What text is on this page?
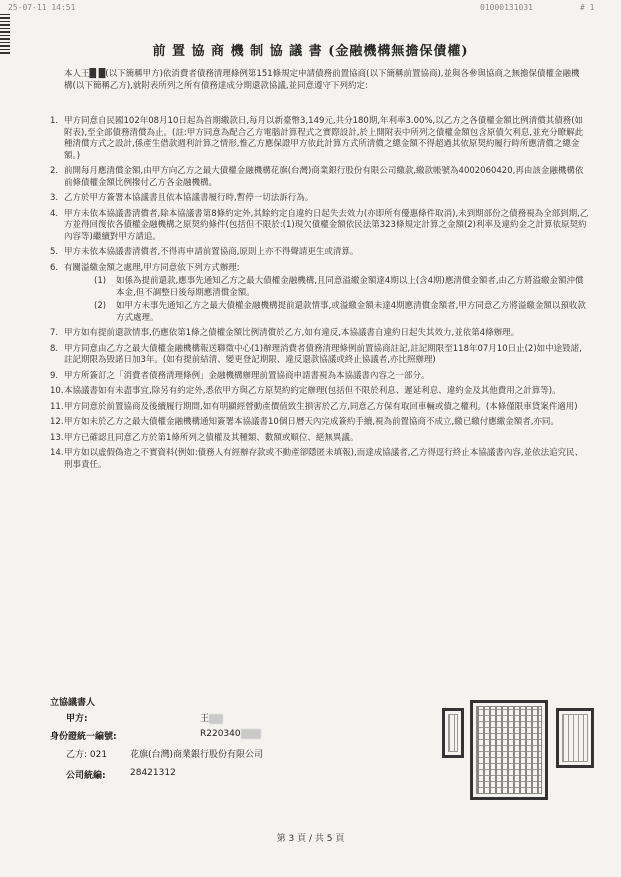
25-07-11 14:51	01000131031	# 1
前 置 協 商 機 制 協 議 書 (金融機構無擔保債權)
本人王█ █(以下簡稱甲方)依消費者債務清理條例第151條規定申請債務前置協商(以下簡稱前置協商),並與各參與協商之無擔保債權金融機構(以下簡稱乙方),就附表所列之所有債務達成分期還款協議,並同意遵守下列約定:
1. 甲方同意自民國102年08月10日起為首期繳款日,每月以新臺幣3,149元,共分180期,年利率3.00%,以乙方之各債權金額比例清償其債務(如附表),至全部債務清償為止。(註:甲方同意為配合乙方電腦計算程式之實際設計,於上開附表中所列之債權金額包含原債欠利息,並充分瞭解此種清償方式之設計,係產生借款週利計算之情形,惟乙方應保證甲方依此計算方式所清償之總金額不得超過其依原契約履行時所應清償之總金額。)
2. 前開每月應清償金額,由甲方向乙方之最大債權金融機構花旗(台灣)商業銀行股份有限公司繳款,繳款帳號為4002060420,再由該金融機構依前條債權金額比例撥付乙方各金融機構。
3. 乙方於甲方簽署本協議書且依本協議書履行時,暫停一切法訴行為。
4. 甲方未依本協議書清償者,除本協議書第8條約定外,其餘約定自違約日起失去效力(亦即所有優惠條件取消),未到期部份之債務視為全部到期,乙方並得回復依各債權金融機構之原契約條件(包括但不限於:(1)現欠債權金額依民法第323條規定計算之金額(2)利率及違約金之計算依原契約內容等)繼續對甲方請追。
5. 甲方未依本協議書清償者,不得再申請前置協商,原則上亦不得聲請更生或清算。
6. 有關溢繳金額之處理,甲方同意依下列方式辦理:
(1)	如係為提前還款,應事先通知乙方之最大債權金融機構,且同意溢繳金額達4期以上(含4期)應清償金額者,由乙方將溢繳金額沖償本金,但不調整日後每期應清償金額。
(2)	如甲方未事先通知乙方之最大債權金融機構提前還款情事,或溢繳金額未達4期應清償金額者,甲方同意乙方將溢繳金額以預收款方式處理。
7. 甲方如有提前還款情事,仍應依第1條之債權金額比例清償於乙方,如有違反,本協議書自違約日起失其效力,並依第4條辦理。
8. 甲方同意由乙方之最大債權金融機構報送聯徵中心(1)辦理消費者債務清理條例前置協商註記,註記期限至118年07月10日止(2)如中途毀諾,註記期限為毀諾日加3年。(如有提前結清、變更登記期限、違反還款協議或終止協議者,亦比照辦理)
9. 甲方所簽訂之「消費者債務清理條例」金融機構辦理前置協商申請書視為本協議書內容之一部分。
10. 本協議書如有未盡事宜,除另有約定外,悉依甲方與乙方原契約約定辦理(包括但不限於利息、遲延利息、違約金及其他費用之計算等)。
11. 甲方同意於前置協商及後續履行期間,如有明顯經營動產價值致生損害於乙方,同意乙方保有取回車輛或債之權利。(本條僅限車貸案件適用)
12. 甲方如未於乙方之最大債權金融機構通知簽署本協議書10個日曆天內完成簽約手續,視為前置協商不成立,繳已繳付應繳金額者,亦同。
13. 甲方已確認且同意乙方於第1條所列之債權及其種類、數額或順位、絕無異議。
14. 甲方如以虛假偽造之不實資料(例如:債務人有經辦存款或不動產卻隱匿未填報),而達成協議者,乙方得逕行終止本協議書內容,並依法追究民、刑事責任。
立協議書人
甲方:	王
身份證統一編號:	R220340
乙方: 021	花旗(台灣)商業銀行股份有限公司
公司統編:	28421312
第 3 頁 / 共 5 頁
